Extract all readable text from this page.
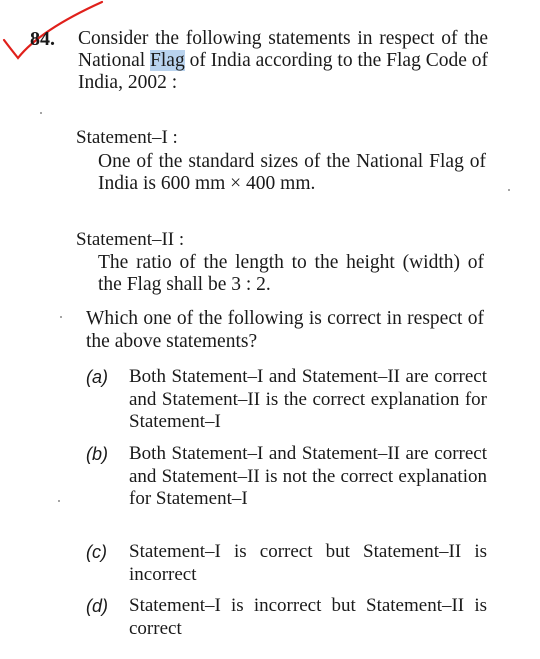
84. Consider the following statements in respect of the National Flag of India according to the Flag Code of India, 2002 :
Statement–I :
One of the standard sizes of the National Flag of India is 600 mm × 400 mm.
Statement–II :
The ratio of the length to the height (width) of the Flag shall be 3 : 2.
Which one of the following is correct in respect of the above statements?
(a) Both Statement–I and Statement–II are correct and Statement–II is the correct explanation for Statement–I
(b) Both Statement–I and Statement–II are correct and Statement–II is not the correct explanation for Statement–I
(c) Statement–I is correct but Statement–II is incorrect
(d) Statement–I is incorrect but Statement–II is correct
